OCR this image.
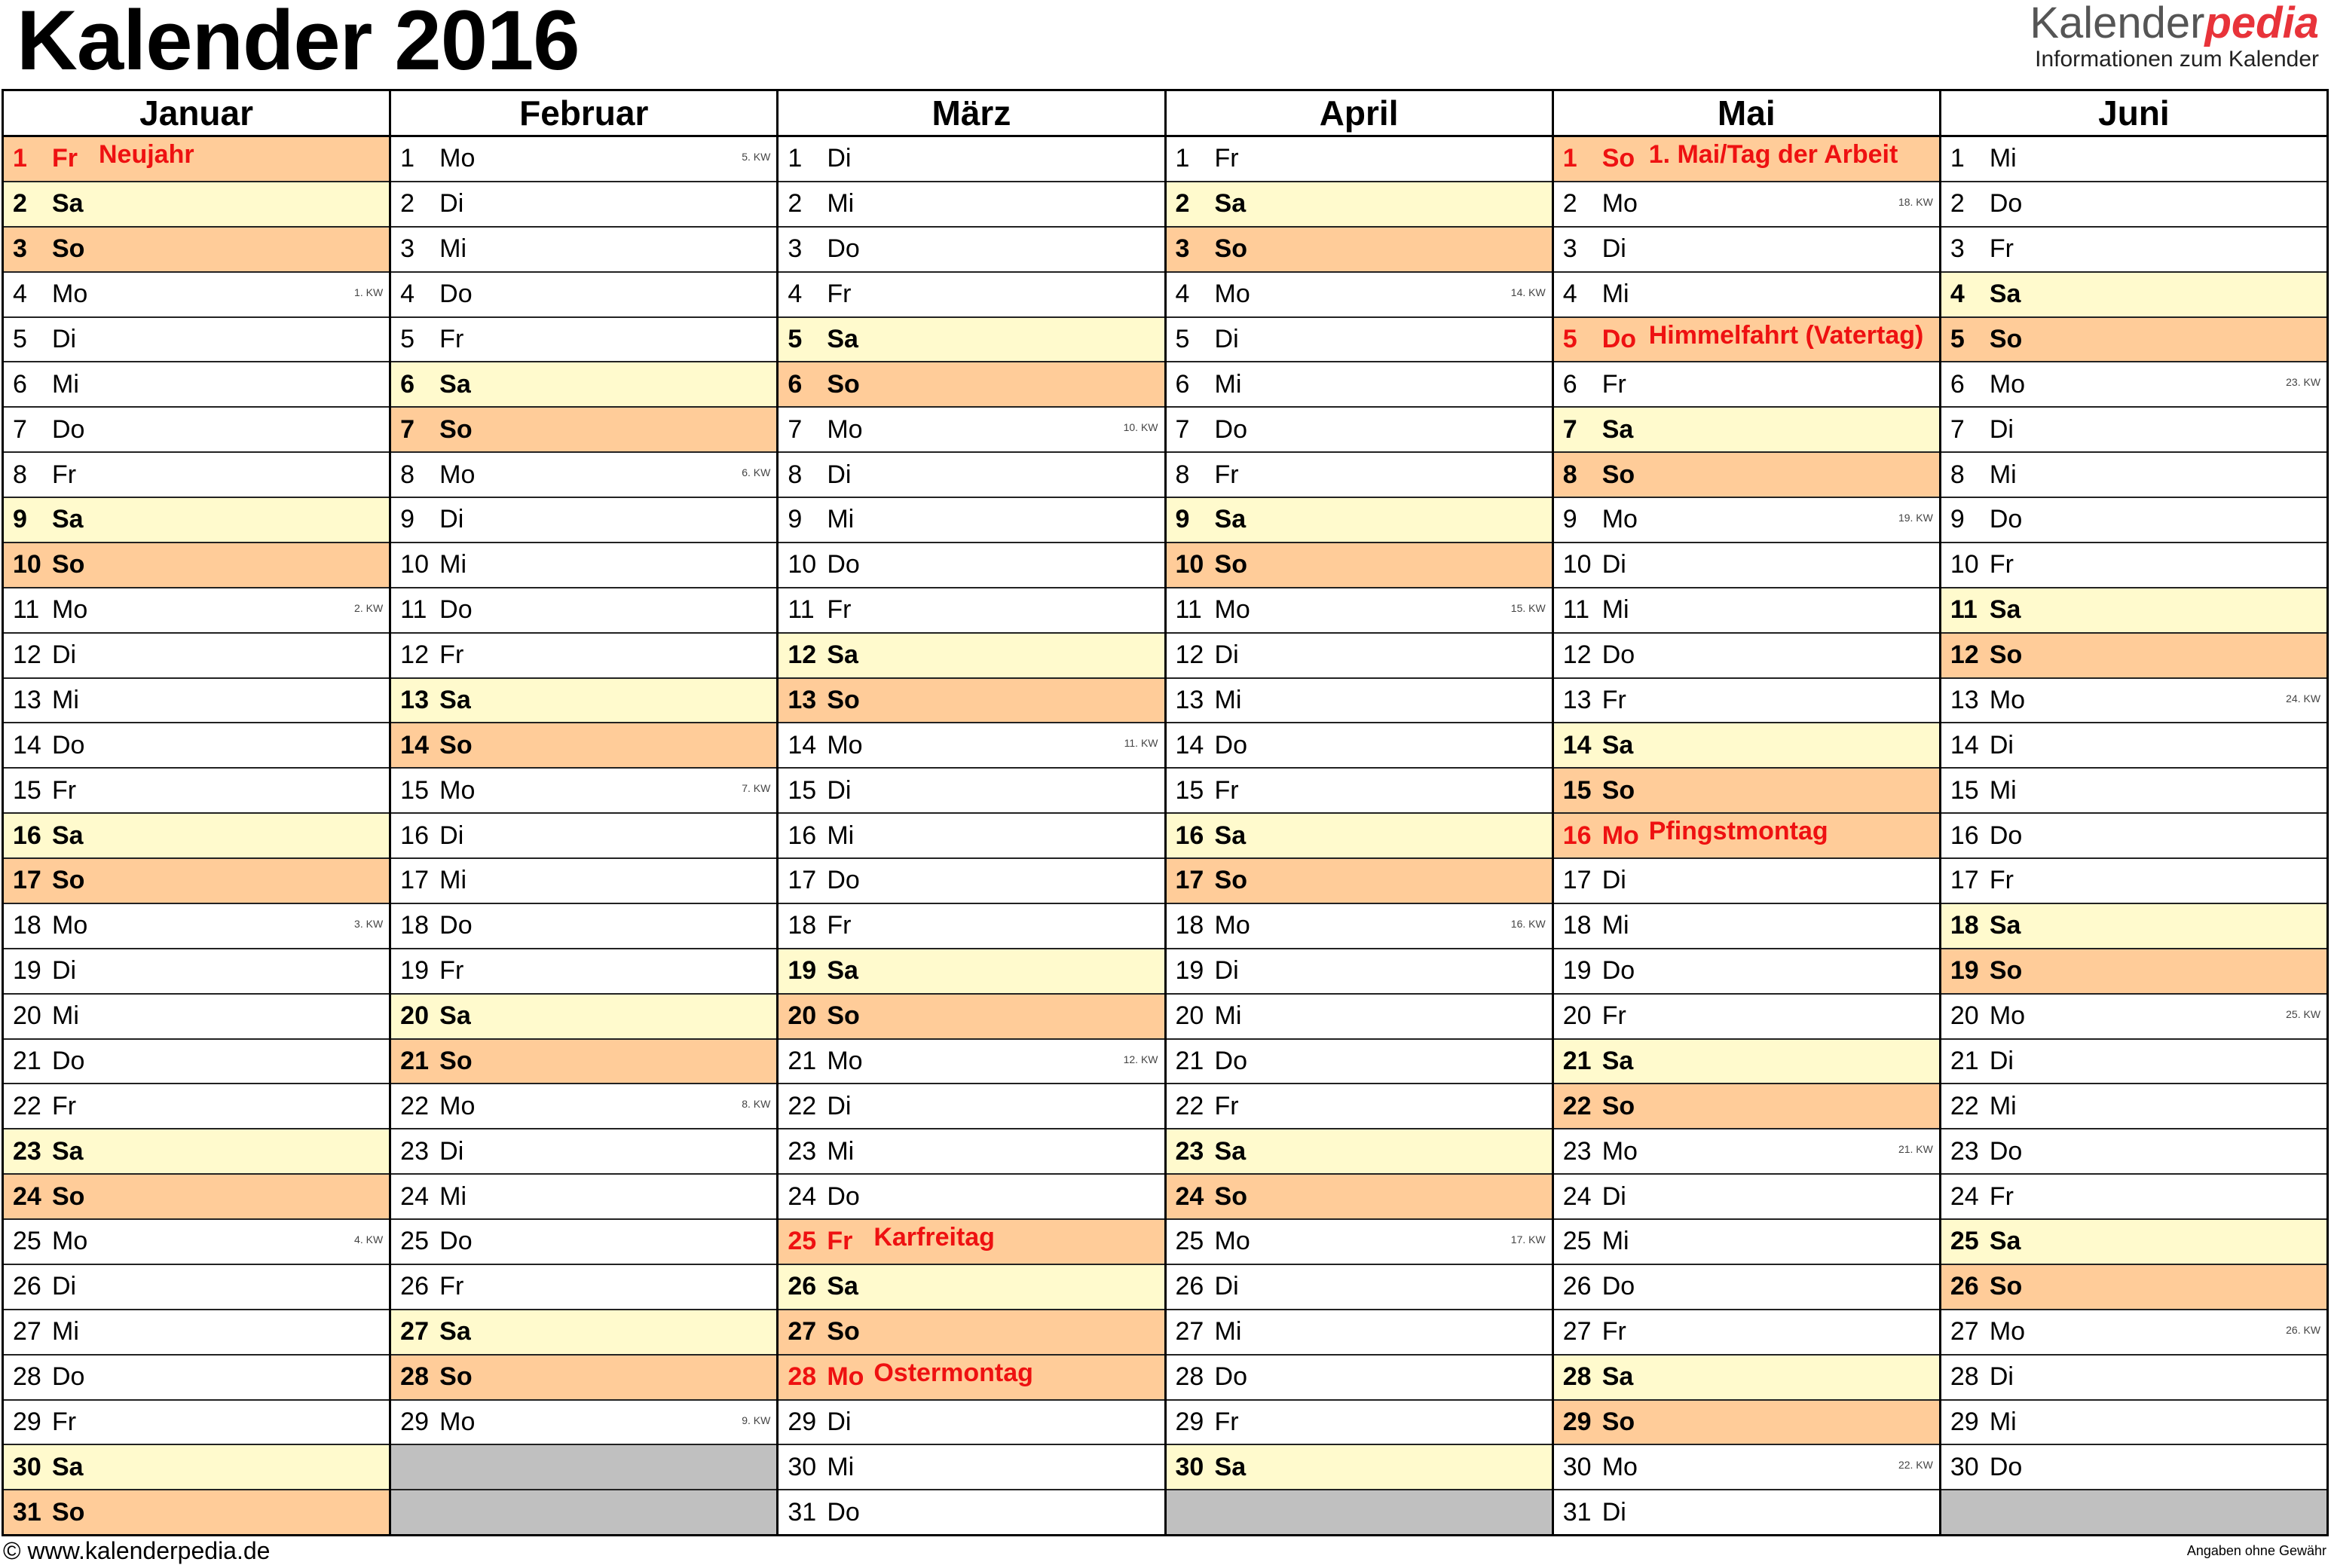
Kalender 2016	Kalenderpedia
Informationen zum Kalender
Januar
1 Fr Neujahr
2 Sa
3 So
4 Mo	1. KW
5 Di
6 Mi
7 Do
8 Fr
9 Sa
10 So
11 Mo	2. KW
12 Di
13 Mi
14 Do
15 Fr
16 Sa
17 So
18 Mo	3. KW
19 Di
20 Mi
21 Do
22 Fr
23 Sa
24 So
25 Mo	4. KW
26 Di
27 Mi
28 Do
29 Fr
30 Sa
31 So
Februar
1 Mo	5. KW
2 Di
3 Mi
4 Do
5 Fr
6 Sa
7 So
8 Mo	6. KW
9 Di
10 Mi
11 Do
12 Fr
13 Sa
14 So
15 Mo	7. KW
16 Di
17 Mi
18 Do
19 Fr
20 Sa
21 So
22 Mo	8. KW
23 Di
24 Mi
25 Do
26 Fr
27 Sa
28 So
29 Mo	9. KW
März
1 Di
2 Mi
3 Do
4 Fr
5 Sa
6 So
7 Mo	10. KW
8 Di
9 Mi
10 Do
11 Fr
12 Sa
13 So
14 Mo	11. KW
15 Di
16 Mi
17 Do
18 Fr
19 Sa
20 So
21 Mo	12. KW
22 Di
23 Mi
24 Do
25 Fr Karfreitag
26 Sa
27 So
28 Mo Ostermontag
29 Di
30 Mi
31 Do
April
1 Fr
2 Sa
3 So
4 Mo	14. KW
5 Di
6 Mi
7 Do
8 Fr
9 Sa
10 So
11 Mo	15. KW
12 Di
13 Mi
14 Do
15 Fr
16 Sa
17 So
18 Mo	16. KW
19 Di
20 Mi
21 Do
22 Fr
23 Sa
24 So
25 Mo	17. KW
26 Di
27 Mi
28 Do
29 Fr
30 Sa
Mai
1 So 1. Mai/Tag der Arbeit
2 Mo	18. KW
3 Di
4 Mi
5 Do Himmelfahrt (Vatertag)
6 Fr
7 Sa
8 So
9 Mo	19. KW
10 Di
11 Mi
12 Do
13 Fr
14 Sa
15 So
16 Mo Pfingstmontag
17 Di
18 Mi
19 Do
20 Fr
21 Sa
22 So
23 Mo	21. KW
24 Di
25 Mi
26 Do
27 Fr
28 Sa
29 So
30 Mo	22. KW
31 Di
Juni
1 Mi
2 Do
3 Fr
4 Sa
5 So
6 Mo	23. KW
7 Di
8 Mi
9 Do
10 Fr
11 Sa
12 So
13 Mo	24. KW
14 Di
15 Mi
16 Do
17 Fr
18 Sa
19 So
20 Mo	25. KW
21 Di
22 Mi
23 Do
24 Fr
25 Sa
26 So
27 Mo	26. KW
28 Di
29 Mi
30 Do
© www.kalenderpedia.de	Angaben ohne Gewähr
